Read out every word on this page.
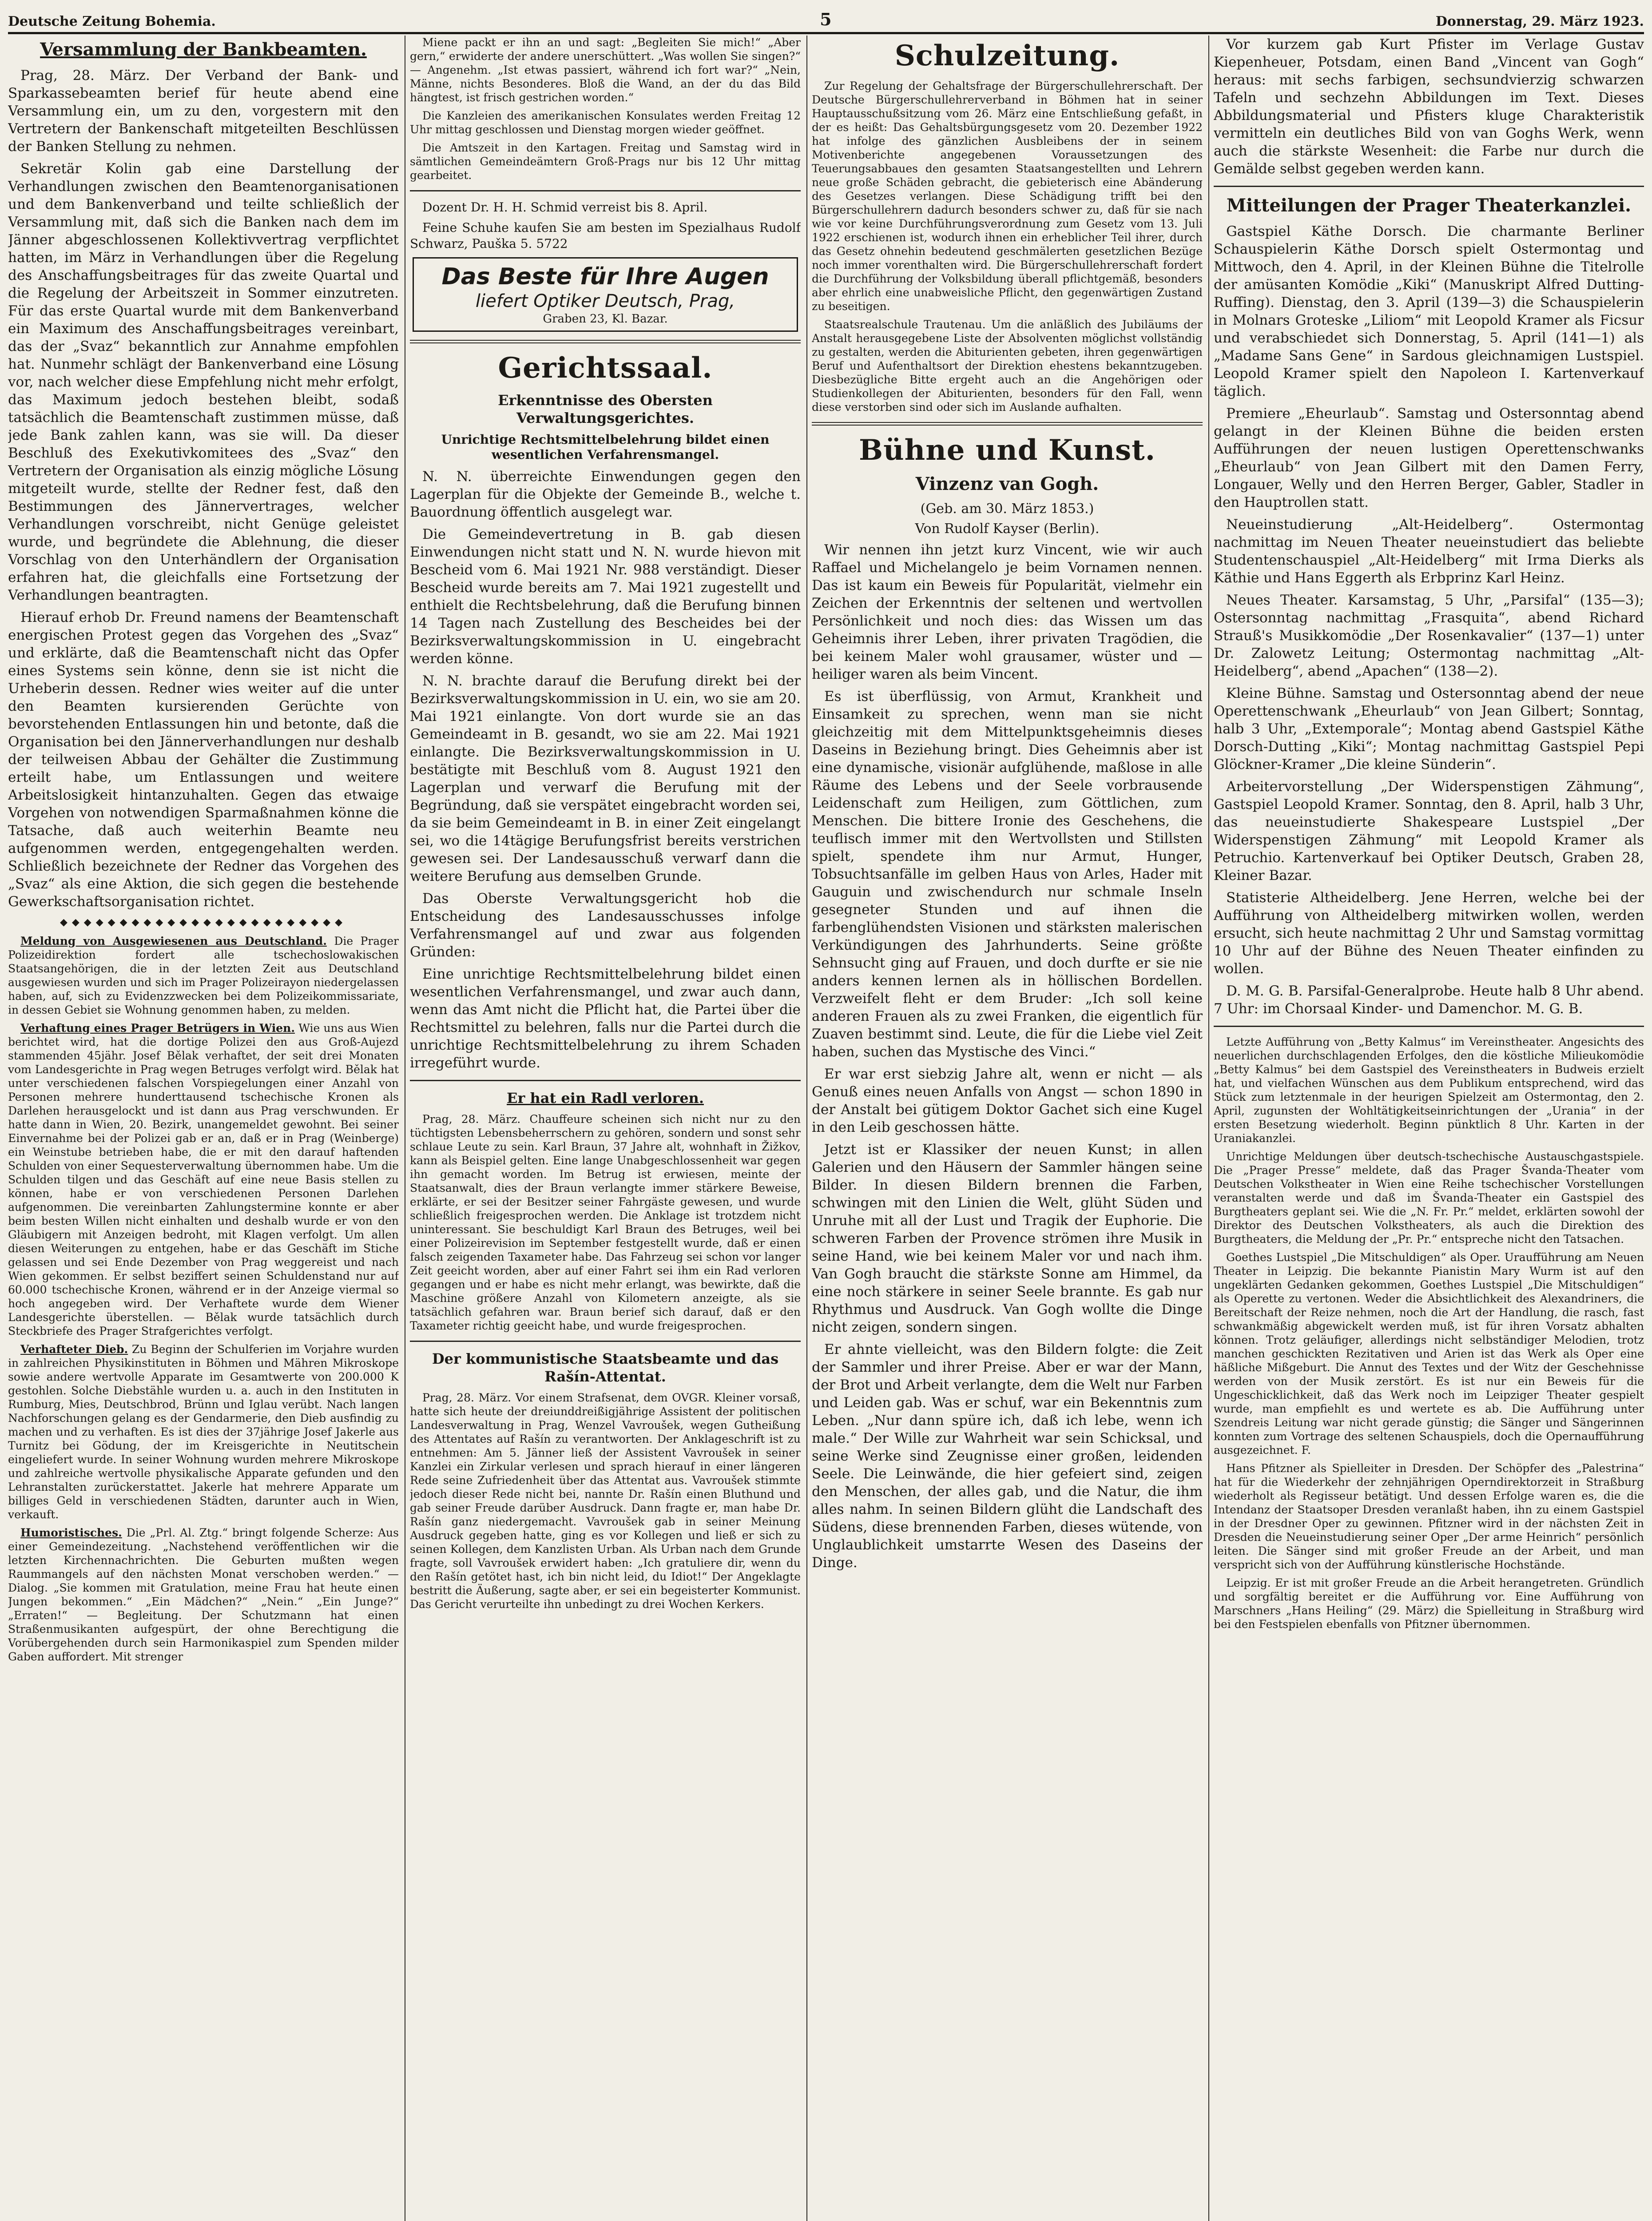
Deutsche Zeitung Bohemia.	5	Donnerstag, 29. März 1923.
Versammlung der Bankbeamten.

Prag, 28. März. Der Verband der Bank- und Sparkassebeamten berief für heute abend eine Versammlung ein, um zu den, vorgestern mit den Vertretern der Bankenschaft mitgeteilten Beschlüssen der Banken Stellung zu nehmen.

Sekretär Kolin gab eine Darstellung der Verhandlungen zwischen den Beamtenorganisationen und dem Bankenverband und teilte schließlich der Versammlung mit, daß sich die Banken nach dem im Jänner abgeschlossenen Kollektivvertrag verpflichtet hatten, im März in Verhandlungen über die Regelung des Anschaffungsbeitrages für das zweite Quartal und die Regelung der Arbeitszeit in Sommer einzutreten. Für das erste Quartal wurde mit dem Bankenverband ein Maximum des Anschaffungsbeitrages vereinbart, das der „Svaz“ bekanntlich zur Annahme empfohlen hat. Nunmehr schlägt der Bankenverband eine Lösung vor, nach welcher diese Empfehlung nicht mehr erfolgt, das Maximum jedoch bestehen bleibt, sodaß tatsächlich die Beamtenschaft zustimmen müsse, daß jede Bank zahlen kann, was sie will. Da dieser Beschluß des Exekutivkomitees des „Svaz“ den Vertretern der Organisation als einzig mögliche Lösung mitgeteilt wurde, stellte der Redner fest, daß den Bestimmungen des Jännervertrages, welcher Verhandlungen vorschreibt, nicht Genüge geleistet wurde, und begründete die Ablehnung, die dieser Vorschlag von den Unterhändlern der Organisation erfahren hat, die gleichfalls eine Fortsetzung der Verhandlungen beantragten.

Hierauf erhob Dr. Freund namens der Beamtenschaft energischen Protest gegen das Vorgehen des „Svaz“ und erklärte, daß die Beamtenschaft nicht das Opfer eines Systems sein könne, denn sie ist nicht die Urheberin dessen. Redner wies weiter auf die unter den Beamten kursierenden Gerüchte von bevorstehenden Entlassungen hin und betonte, daß die Organisation bei den Jännerverhandlungen nur deshalb der teilweisen Abbau der Gehälter die Zustimmung erteilt habe, um Entlassungen und weitere Arbeitslosigkeit hintanzuhalten. Gegen das etwaige Vorgehen von notwendigen Sparmaßnahmen könne die Tatsache, daß auch weiterhin Beamte neu aufgenommen werden, entgegengehalten werden. Schließlich bezeichnete der Redner das Vorgehen des „Svaz“ als eine Aktion, die sich gegen die bestehende Gewerkschaftsorganisation richtet.

◆◆◆◆◆◆◆◆◆◆◆◆◆◆◆◆◆◆◆◆◆◆◆◆

Meldung von Ausgewiesenen aus Deutschland. Die Prager Polizeidirektion fordert alle tschechoslowakischen Staatsangehörigen, die in der letzten Zeit aus Deutschland ausgewiesen wurden und sich im Prager Polizeirayon niedergelassen haben, auf, sich zu Evidenzzwecken bei dem Polizeikommissariate, in dessen Gebiet sie Wohnung genommen haben, zu melden.

Verhaftung eines Prager Betrügers in Wien. Wie uns aus Wien berichtet wird, hat die dortige Polizei den aus Groß-Aujezd stammenden 45jähr. Josef Bělak verhaftet, der seit drei Monaten vom Landesgerichte in Prag wegen Betruges verfolgt wird. Bělak hat unter verschiedenen falschen Vorspiegelungen einer Anzahl von Personen mehrere hunderttausend tschechische Kronen als Darlehen herausgelockt und ist dann aus Prag verschwunden. Er hatte dann in Wien, 20. Bezirk, unangemeldet gewohnt. Bei seiner Einvernahme bei der Polizei gab er an, daß er in Prag (Weinberge) ein Weinstube betrieben habe, die er mit den darauf haftenden Schulden von einer Sequesterverwaltung übernommen habe. Um die Schulden tilgen und das Geschäft auf eine neue Basis stellen zu können, habe er von verschiedenen Personen Darlehen aufgenommen. Die vereinbarten Zahlungstermine konnte er aber beim besten Willen nicht einhalten und deshalb wurde er von den Gläubigern mit Anzeigen bedroht, mit Klagen verfolgt. Um allen diesen Weiterungen zu entgehen, habe er das Geschäft im Stiche gelassen und sei Ende Dezember von Prag weggereist und nach Wien gekommen. Er selbst beziffert seinen Schuldenstand nur auf 60.000 tschechische Kronen, während er in der Anzeige viermal so hoch angegeben wird. Der Verhaftete wurde dem Wiener Landesgerichte überstellen. — Bělak wurde tatsächlich durch Steckbriefe des Prager Strafgerichtes verfolgt.

Verhafteter Dieb. Zu Beginn der Schulferien im Vorjahre wurden in zahlreichen Physikinstituten in Böhmen und Mähren Mikroskope sowie andere wertvolle Apparate im Gesamtwerte von 200.000 K gestohlen. Solche Diebstähle wurden u. a. auch in den Instituten in Rumburg, Mies, Deutschbrod, Brünn und Iglau verübt. Nach langen Nachforschungen gelang es der Gendarmerie, den Dieb ausfindig zu machen und zu verhaften. Es ist dies der 37jährige Josef Jakerle aus Turnitz bei Gödung, der im Kreisgerichte in Neutitschein eingeliefert wurde. In seiner Wohnung wurden mehrere Mikroskope und zahlreiche wertvolle physikalische Apparate gefunden und den Lehranstalten zurückerstattet. Jakerle hat mehrere Apparate um billiges Geld in verschiedenen Städten, darunter auch in Wien, verkauft.

Humoristisches. Die „Prl. Al. Ztg.“ bringt folgende Scherze: Aus einer Gemeindezeitung. „Nachstehend veröffentlichen wir die letzten Kirchennachrichten. Die Geburten mußten wegen Raummangels auf den nächsten Monat verschoben werden.“ — Dialog. „Sie kommen mit Gratulation, meine Frau hat heute einen Jungen bekommen.“ „Ein Mädchen?“ „Nein.“ „Ein Junge?“ „Erraten!“ — Begleitung. Der Schutzmann hat einen Straßenmusikanten aufgespürt, der ohne Berechtigung die Vorübergehenden durch sein Harmonikaspiel zum Spenden milder Gaben auffordert. Mit strenger

Miene packt er ihn an und sagt: „Begleiten Sie mich!“ „Aber gern,“ erwiderte der andere unerschüttert. „Was wollen Sie singen?“ — Angenehm. „Ist etwas passiert, während ich fort war?“ „Nein, Männe, nichts Besonderes. Bloß die Wand, an der du das Bild hängtest, ist frisch gestrichen worden.“

Die Kanzleien des amerikanischen Konsulates werden Freitag 12 Uhr mittag geschlossen und Dienstag morgen wieder geöffnet.

Die Amtszeit in den Kartagen. Freitag und Samstag wird in sämtlichen Gemeindeämtern Groß-Prags nur bis 12 Uhr mittag gearbeitet.

Dozent Dr. H. H. Schmid verreist bis 8. April.

Feine Schuhe kaufen Sie am besten im Spezialhaus Rudolf Schwarz, Pauška 5. 5722

Das Beste für Ihre Augen
liefert Optiker Deutsch, Prag,
Graben 23, Kl. Bazar.
Gerichtssaal.
Erkenntnisse des Obersten Verwaltungsgerichtes.
Unrichtige Rechtsmittelbelehrung bildet einen wesentlichen Verfahrensmangel.

N. N. überreichte Einwendungen gegen den Lagerplan für die Objekte der Gemeinde B., welche t. Bauordnung öffentlich ausgelegt war.

Die Gemeindevertretung in B. gab diesen Einwendungen nicht statt und N. N. wurde hievon mit Bescheid vom 6. Mai 1921 Nr. 988 verständigt. Dieser Bescheid wurde bereits am 7. Mai 1921 zugestellt und enthielt die Rechtsbelehrung, daß die Berufung binnen 14 Tagen nach Zustellung des Bescheides bei der Bezirksverwaltungskommission in U. eingebracht werden könne.

N. N. brachte darauf die Berufung direkt bei der Bezirksverwaltungskommission in U. ein, wo sie am 20. Mai 1921 einlangte. Von dort wurde sie an das Gemeindeamt in B. gesandt, wo sie am 22. Mai 1921 einlangte. Die Bezirksverwaltungskommission in U. bestätigte mit Beschluß vom 8. August 1921 den Lagerplan und verwarf die Berufung mit der Begründung, daß sie verspätet eingebracht worden sei, da sie beim Gemeindeamt in B. in einer Zeit eingelangt sei, wo die 14tägige Berufungsfrist bereits verstrichen gewesen sei. Der Landesausschuß verwarf dann die weitere Berufung aus demselben Grunde.

Das Oberste Verwaltungsgericht hob die Entscheidung des Landesausschusses infolge Verfahrensmangel auf und zwar aus folgenden Gründen:

Eine unrichtige Rechtsmittelbelehrung bildet einen wesentlichen Verfahrensmangel, und zwar auch dann, wenn das Amt nicht die Pflicht hat, die Partei über die Rechtsmittel zu belehren, falls nur die Partei durch die unrichtige Rechtsmittelbelehrung zu ihrem Schaden irregeführt wurde.

Er hat ein Radl verloren.

Prag, 28. März. Chauffeure scheinen sich nicht nur zu den tüchtigsten Lebensbeherrschern zu gehören, sondern und sonst sehr schlaue Leute zu sein. Karl Braun, 37 Jahre alt, wohnhaft in Žižkov, kann als Beispiel gelten. Eine lange Unabgeschlossenheit war gegen ihn gemacht worden. Im Betrug ist erwiesen, meinte der Staatsanwalt, dies der Braun verlangte immer stärkere Beweise, erklärte, er sei der Besitzer seiner Fahrgäste gewesen, und wurde schließlich freigesprochen werden. Die Anklage ist trotzdem nicht uninteressant. Sie beschuldigt Karl Braun des Betruges, weil bei einer Polizeirevision im September festgestellt wurde, daß er einen falsch zeigenden Taxameter habe. Das Fahrzeug sei schon vor langer Zeit geeicht worden, aber auf einer Fahrt sei ihm ein Rad verloren gegangen und er habe es nicht mehr erlangt, was bewirkte, daß die Maschine größere Anzahl von Kilometern anzeigte, als sie tatsächlich gefahren war. Braun berief sich darauf, daß er den Taxameter richtig geeicht habe, und wurde freigesprochen.

Der kommunistische Staatsbeamte und das Rašín-Attentat.

Prag, 28. März. Vor einem Strafsenat, dem OVGR. Kleiner vorsaß, hatte sich heute der dreiunddreißigjährige Assistent der politischen Landesverwaltung in Prag, Wenzel Vavroušek, wegen Gutheißung des Attentates auf Rašín zu verantworten. Der Anklageschrift ist zu entnehmen: Am 5. Jänner ließ der Assistent Vavroušek in seiner Kanzlei ein Zirkular verlesen und sprach hierauf in einer längeren Rede seine Zufriedenheit über das Attentat aus. Vavroušek stimmte jedoch dieser Rede nicht bei, nannte Dr. Rašín einen Bluthund und gab seiner Freude darüber Ausdruck. Dann fragte er, man habe Dr. Rašín ganz niedergemacht. Vavroušek gab in seiner Meinung Ausdruck gegeben hatte, ging es vor Kollegen und ließ er sich zu seinen Kollegen, dem Kanzlisten Urban. Als Urban nach dem Grunde fragte, soll Vavroušek erwidert haben: „Ich gratuliere dir, wenn du den Rašín getötet hast, ich bin nicht leid, du Idiot!“ Der Angeklagte bestritt die Äußerung, sagte aber, er sei ein begeisterter Kommunist. Das Gericht verurteilte ihn unbedingt zu drei Wochen Kerkers.

Schulzeitung.

Zur Regelung der Gehaltsfrage der Bürgerschullehrerschaft. Der Deutsche Bürgerschullehrerverband in Böhmen hat in seiner Hauptausschußsitzung vom 26. März eine Entschließung gefaßt, in der es heißt: Das Gehaltsbürgungsgesetz vom 20. Dezember 1922 hat infolge des gänzlichen Ausbleibens der in seinem Motivenberichte angegebenen Voraussetzungen des Teuerungsabbaues den gesamten Staatsangestellten und Lehrern neue große Schäden gebracht, die gebieterisch eine Abänderung des Gesetzes verlangen. Diese Schädigung trifft bei den Bürgerschullehrern dadurch besonders schwer zu, daß für sie nach wie vor keine Durchführungsverordnung zum Gesetz vom 13. Juli 1922 erschienen ist, wodurch ihnen ein erheblicher Teil ihrer, durch das Gesetz ohnehin bedeutend geschmälerten gesetzlichen Bezüge noch immer vorenthalten wird. Die Bürgerschullehrerschaft fordert die Durchführung der Volksbildung überall pflichtgemäß, besonders aber ehrlich eine unabweisliche Pflicht, den gegenwärtigen Zustand zu beseitigen.

Staatsrealschule Trautenau. Um die anläßlich des Jubiläums der Anstalt herausgegebene Liste der Absolventen möglichst vollständig zu gestalten, werden die Abiturienten gebeten, ihren gegenwärtigen Beruf und Aufenthaltsort der Direktion ehestens bekanntzugeben. Diesbezügliche Bitte ergeht auch an die Angehörigen oder Studienkollegen der Abiturienten, besonders für den Fall, wenn diese verstorben sind oder sich im Auslande aufhalten.

Bühne und Kunst.
Vinzenz van Gogh.
(Geb. am 30. März 1853.)
Von Rudolf Kayser (Berlin).

Wir nennen ihn jetzt kurz Vincent, wie wir auch Raffael und Michelangelo je beim Vornamen nennen. Das ist kaum ein Beweis für Popularität, vielmehr ein Zeichen der Erkenntnis der seltenen und wertvollen Persönlichkeit und noch dies: das Wissen um das Geheimnis ihrer Leben, ihrer privaten Tragödien, die bei keinem Maler wohl grausamer, wüster und — heiliger waren als beim Vincent.

Es ist überflüssig, von Armut, Krankheit und Einsamkeit zu sprechen, wenn man sie nicht gleichzeitig mit dem Mittelpunktsgeheimnis dieses Daseins in Beziehung bringt. Dies Geheimnis aber ist eine dynamische, visionär aufglühende, maßlose in alle Räume des Lebens und der Seele vorbrausende Leidenschaft zum Heiligen, zum Göttlichen, zum Menschen. Die bittere Ironie des Geschehens, die teuflisch immer mit den Wertvollsten und Stillsten spielt, spendete ihm nur Armut, Hunger, Tobsuchtsanfälle im gelben Haus von Arles, Hader mit Gauguin und zwischendurch nur schmale Inseln gesegneter Stunden und auf ihnen die farbenglühendsten Visionen und stärksten malerischen Verkündigungen des Jahrhunderts. Seine größte Sehnsucht ging auf Frauen, und doch durfte er sie nie anders kennen lernen als in höllischen Bordellen. Verzweifelt fleht er dem Bruder: „Ich soll keine anderen Frauen als zu zwei Franken, die eigentlich für Zuaven bestimmt sind. Leute, die für die Liebe viel Zeit haben, suchen das Mystische des Vinci.“

Er war erst siebzig Jahre alt, wenn er nicht — als Genuß eines neuen Anfalls von Angst — schon 1890 in der Anstalt bei gütigem Doktor Gachet sich eine Kugel in den Leib geschossen hätte.

Jetzt ist er Klassiker der neuen Kunst; in allen Galerien und den Häusern der Sammler hängen seine Bilder. In diesen Bildern brennen die Farben, schwingen mit den Linien die Welt, glüht Süden und Unruhe mit all der Lust und Tragik der Euphorie. Die schweren Farben der Provence strömen ihre Musik in seine Hand, wie bei keinem Maler vor und nach ihm. Van Gogh braucht die stärkste Sonne am Himmel, da eine noch stärkere in seiner Seele brannte. Es gab nur Rhythmus und Ausdruck. Van Gogh wollte die Dinge nicht zeigen, sondern singen.

Er ahnte vielleicht, was den Bildern folgte: die Zeit der Sammler und ihrer Preise. Aber er war der Mann, der Brot und Arbeit verlangte, dem die Welt nur Farben und Leiden gab. Was er schuf, war ein Bekenntnis zum Leben. „Nur dann spüre ich, daß ich lebe, wenn ich male.“ Der Wille zur Wahrheit war sein Schicksal, und seine Werke sind Zeugnisse einer großen, leidenden Seele. Die Leinwände, die hier gefeiert sind, zeigen den Menschen, der alles gab, und die Natur, die ihm alles nahm. In seinen Bildern glüht die Landschaft des Südens, diese brennenden Farben, dieses wütende, von Unglaublichkeit umstarrte Wesen des Daseins der Dinge.

Vor kurzem gab Kurt Pfister im Verlage Gustav Kiepenheuer, Potsdam, einen Band „Vincent van Gogh“ heraus: mit sechs farbigen, sechsundvierzig schwarzen Tafeln und sechzehn Abbildungen im Text. Dieses Abbildungsmaterial und Pfisters kluge Charakteristik vermitteln ein deutliches Bild von van Goghs Werk, wenn auch die stärkste Wesenheit: die Farbe nur durch die Gemälde selbst gegeben werden kann.

Mitteilungen der Prager Theaterkanzlei.

Gastspiel Käthe Dorsch. Die charmante Berliner Schauspielerin Käthe Dorsch spielt Ostermontag und Mittwoch, den 4. April, in der Kleinen Bühne die Titelrolle der amüsanten Komödie „Kiki“ (Manuskript Alfred Dutting-Ruffing). Dienstag, den 3. April (139—3) die Schauspielerin in Molnars Groteske „Liliom“ mit Leopold Kramer als Ficsur und verabschiedet sich Donnerstag, 5. April (141—1) als „Madame Sans Gene“ in Sardous gleichnamigen Lustspiel. Leopold Kramer spielt den Napoleon I. Kartenverkauf täglich.

Premiere „Eheurlaub“. Samstag und Ostersonntag abend gelangt in der Kleinen Bühne die beiden ersten Aufführungen der neuen lustigen Operettenschwanks „Eheurlaub“ von Jean Gilbert mit den Damen Ferry, Longauer, Welly und den Herren Berger, Gabler, Stadler in den Hauptrollen statt.

Neueinstudierung „Alt-Heidelberg“. Ostermontag nachmittag im Neuen Theater neueinstudiert das beliebte Studentenschauspiel „Alt-Heidelberg“ mit Irma Dierks als Käthie und Hans Eggerth als Erbprinz Karl Heinz.

Neues Theater. Karsamstag, 5 Uhr, „Parsifal“ (135—3); Ostersonntag nachmittag „Frasquita“, abend Richard Strauß's Musikkomödie „Der Rosenkavalier“ (137—1) unter Dr. Zalowetz Leitung; Ostermontag nachmittag „Alt-Heidelberg“, abend „Apachen“ (138—2).

Kleine Bühne. Samstag und Ostersonntag abend der neue Operettenschwank „Eheurlaub“ von Jean Gilbert; Sonntag, halb 3 Uhr, „Extemporale“; Montag abend Gastspiel Käthe Dorsch-Dutting „Kiki“; Montag nachmittag Gastspiel Pepi Glöckner-Kramer „Die kleine Sünderin“.

Arbeitervorstellung „Der Widerspenstigen Zähmung“, Gastspiel Leopold Kramer. Sonntag, den 8. April, halb 3 Uhr, das neueinstudierte Shakespeare Lustspiel „Der Widerspenstigen Zähmung“ mit Leopold Kramer als Petruchio. Kartenverkauf bei Optiker Deutsch, Graben 28, Kleiner Bazar.

Statisterie Altheidelberg. Jene Herren, welche bei der Aufführung von Altheidelberg mitwirken wollen, werden ersucht, sich heute nachmittag 2 Uhr und Samstag vormittag 10 Uhr auf der Bühne des Neuen Theater einfinden zu wollen.

D. M. G. B. Parsifal-Generalprobe. Heute halb 8 Uhr abend. 7 Uhr: im Chorsaal Kinder- und Damenchor. M. G. B.

Letzte Aufführung von „Betty Kalmus“ im Vereinstheater. Angesichts des neuerlichen durchschlagenden Erfolges, den die köstliche Milieukomödie „Betty Kalmus“ bei dem Gastspiel des Vereinstheaters in Budweis erzielt hat, und vielfachen Wünschen aus dem Publikum entsprechend, wird das Stück zum letztenmale in der heurigen Spielzeit am Ostermontag, den 2. April, zugunsten der Wohltätigkeitseinrichtungen der „Urania“ in der ersten Besetzung wiederholt. Beginn pünktlich 8 Uhr. Karten in der Uraniakanzlei.

Unrichtige Meldungen über deutsch-tschechische Austauschgastspiele. Die „Prager Presse“ meldete, daß das Prager Švanda-Theater vom Deutschen Volkstheater in Wien eine Reihe tschechischer Vorstellungen veranstalten werde und daß im Švanda-Theater ein Gastspiel des Burgtheaters geplant sei. Wie die „N. Fr. Pr.“ meldet, erklärten sowohl der Direktor des Deutschen Volkstheaters, als auch die Direktion des Burgtheaters, die Meldung der „Pr. Pr.“ entspreche nicht den Tatsachen.

Goethes Lustspiel „Die Mitschuldigen“ als Oper. Uraufführung am Neuen Theater in Leipzig. Die bekannte Pianistin Mary Wurm ist auf den ungeklärten Gedanken gekommen, Goethes Lustspiel „Die Mitschuldigen“ als Operette zu vertonen. Weder die Absichtlichkeit des Alexandriners, die Bereitschaft der Reize nehmen, noch die Art der Handlung, die rasch, fast schwankmäßig abgewickelt werden muß, ist für ihren Vorsatz abhalten können. Trotz geläufiger, allerdings nicht selbständiger Melodien, trotz manchen geschickten Rezitativen und Arien ist das Werk als Oper eine häßliche Mißgeburt. Die Annut des Textes und der Witz der Geschehnisse werden von der Musik zerstört. Es ist nur ein Beweis für die Ungeschicklichkeit, daß das Werk noch im Leipziger Theater gespielt wurde, man empfiehlt es und wertete es ab. Die Aufführung unter Szendreis Leitung war nicht gerade günstig; die Sänger und Sängerinnen konnten zum Vortrage des seltenen Schauspiels, doch die Opernaufführung ausgezeichnet. F.

Hans Pfitzner als Spielleiter in Dresden. Der Schöpfer des „Palestrina“ hat für die Wiederkehr der zehnjährigen Operndirektorzeit in Straßburg wiederholt als Regisseur betätigt. Und dessen Erfolge waren es, die die Intendanz der Staatsoper Dresden veranlaßt haben, ihn zu einem Gastspiel in der Dresdner Oper zu gewinnen. Pfitzner wird in der nächsten Zeit in Dresden die Neueinstudierung seiner Oper „Der arme Heinrich“ persönlich leiten. Die Sänger sind mit großer Freude an der Arbeit, und man verspricht sich von der Aufführung künstlerische Hochstände.

Leipzig. Er ist mit großer Freude an die Arbeit herangetreten. Gründlich und sorgfältig bereitet er die Aufführung vor. Eine Aufführung von Marschners „Hans Heiling“ (29. März) die Spielleitung in Straßburg wird bei den Festspielen ebenfalls von Pfitzner übernommen.
